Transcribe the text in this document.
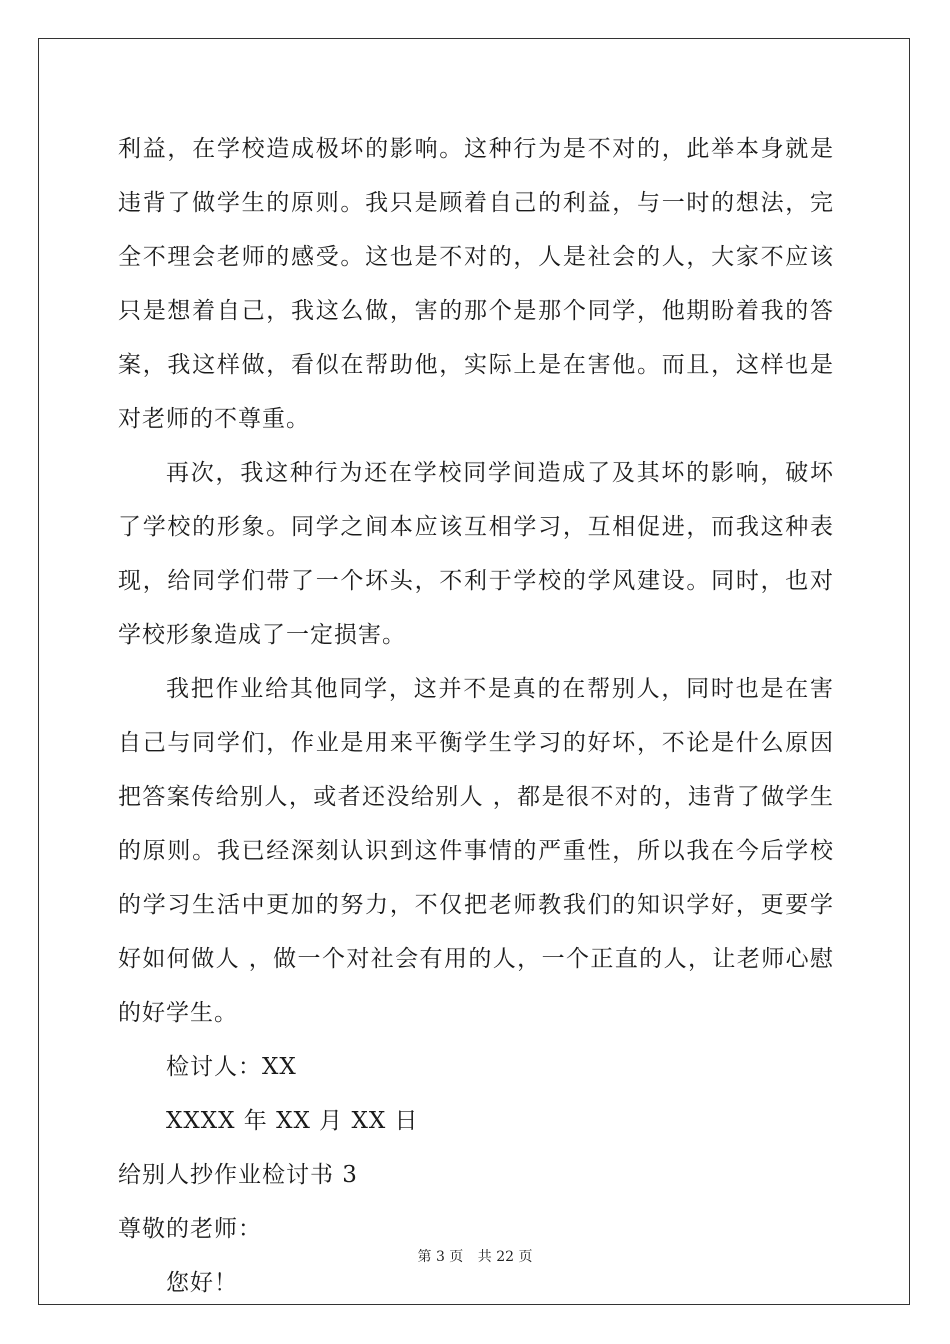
利益，在学校造成极坏的影响。这种行为是不对的，此举本身就是违背了做学生的原则。我只是顾着自己的利益，与一时的想法，完全不理会老师的感受。这也是不对的，人是社会的人，大家不应该只是想着自己，我这么做，害的那个是那个同学，他期盼着我的答案，我这样做，看似在帮助他，实际上是在害他。而且，这样也是对老师的不尊重。

再次，我这种行为还在学校同学间造成了及其坏的影响，破坏了学校的形象。同学之间本应该互相学习，互相促进，而我这种表现，给同学们带了一个坏头，不利于学校的学风建设。同时，也对学校形象造成了一定损害。

我把作业给其他同学，这并不是真的在帮别人，同时也是在害自己与同学们，作业是用来平衡学生学习的好坏，不论是什么原因把答案传给别人，或者还没给别人 ，都是很不对的，违背了做学生的原则。我已经深刻认识到这件事情的严重性，所以我在今后学校的学习生活中更加的努力，不仅把老师教我们的知识学好，更要学好如何做人 ，做一个对社会有用的人，一个正直的人，让老师心慰的好学生。

检讨人：XX

XXXX 年 XX 月 XX 日

给别人抄作业检讨书 3

尊敬的老师：

您好！

第 3 页 共 22 页
